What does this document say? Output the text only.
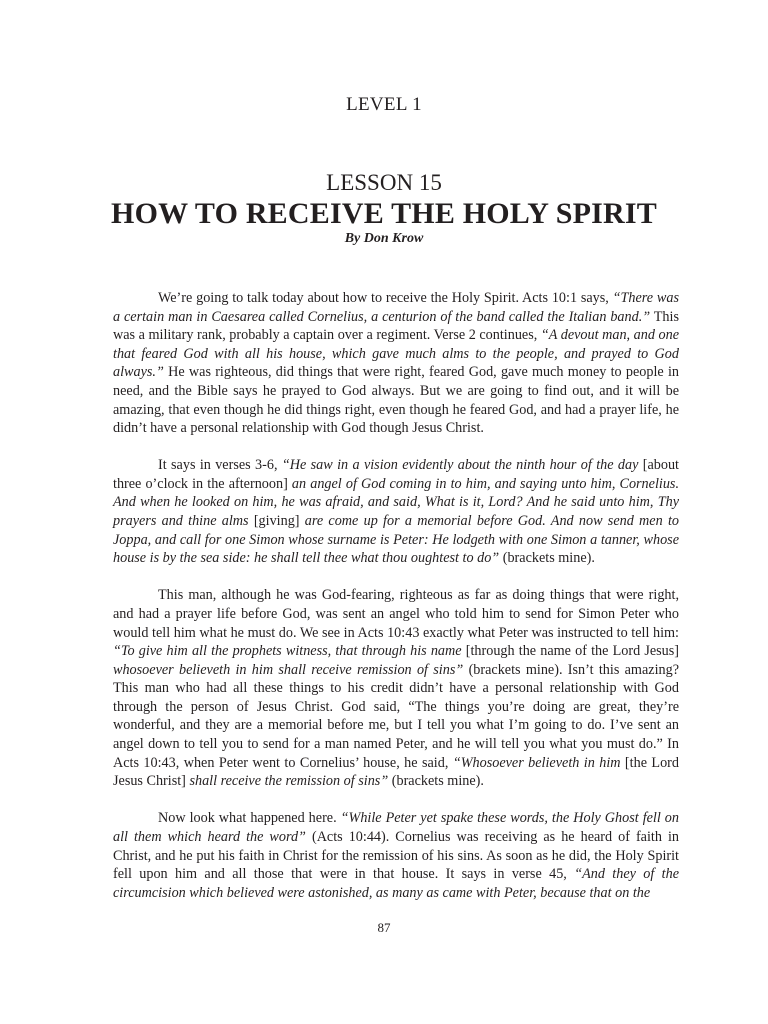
LEVEL 1
LESSON 15
HOW TO RECEIVE THE HOLY SPIRIT
By Don Krow

We’re going to talk today about how to receive the Holy Spirit. Acts 10:1 says, “There was a certain man in Caesarea called Cornelius, a centurion of the band called the Italian band.” This was a military rank, probably a captain over a regiment. Verse 2 continues, “A devout man, and one that feared God with all his house, which gave much alms to the people, and prayed to God always.” He was righteous, did things that were right, feared God, gave much money to people in need, and the Bible says he prayed to God always. But we are going to find out, and it will be amazing, that even though he did things right, even though he feared God, and had a prayer life, he didn’t have a personal relationship with God though Jesus Christ.

It says in verses 3-6, “He saw in a vision evidently about the ninth hour of the day [about three o’clock in the afternoon] an angel of God coming in to him, and saying unto him, Cornelius. And when he looked on him, he was afraid, and said, What is it, Lord? And he said unto him, Thy prayers and thine alms [giving] are come up for a memorial before God. And now send men to Joppa, and call for one Simon whose surname is Peter: He lodgeth with one Simon a tanner, whose house is by the sea side: he shall tell thee what thou oughtest to do” (brackets mine).

This man, although he was God-fearing, righteous as far as doing things that were right, and had a prayer life before God, was sent an angel who told him to send for Simon Peter who would tell him what he must do. We see in Acts 10:43 exactly what Peter was instructed to tell him: “To give him all the prophets witness, that through his name [through the name of the Lord Jesus] whosoever believeth in him shall receive remission of sins” (brackets mine). Isn’t this amazing? This man who had all these things to his credit didn’t have a personal relationship with God through the person of Jesus Christ. God said, “The things you’re doing are great, they’re wonderful, and they are a memorial before me, but I tell you what I’m going to do. I’ve sent an angel down to tell you to send for a man named Peter, and he will tell you what you must do.” In Acts 10:43, when Peter went to Cornelius’ house, he said, “Whosoever believeth in him [the Lord Jesus Christ] shall receive the remission of sins” (brackets mine).

Now look what happened here. “While Peter yet spake these words, the Holy Ghost fell on all them which heard the word” (Acts 10:44). Cornelius was receiving as he heard of faith in Christ, and he put his faith in Christ for the remission of his sins. As soon as he did, the Holy Spirit fell upon him and all those that were in that house. It says in verse 45, “And they of the circumcision which believed were astonished, as many as came with Peter, because that on the

87
